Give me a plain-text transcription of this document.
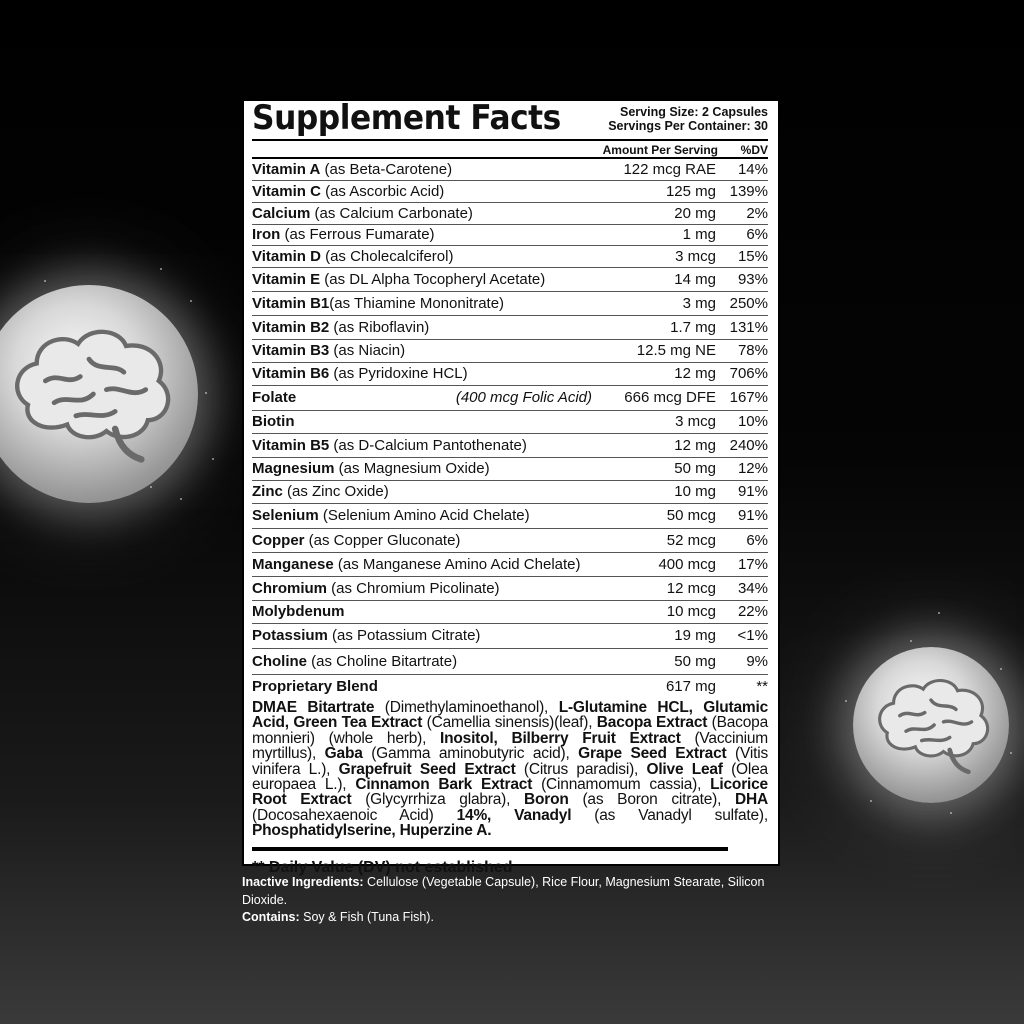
Supplement Facts	Serving Size: 2 Capsules
Servings Per Container: 30
Amount Per Serving %DV
Vitamin A (as Beta-Carotene)	122 mcg RAE 14%
Vitamin C (as Ascorbic Acid)	125 mg 139%
Calcium (as Calcium Carbonate)	20 mg 2%
Iron (as Ferrous Fumarate)	1 mg 6%
Vitamin D (as Cholecalciferol)	3 mcg 15%
Vitamin E (as DL Alpha Tocopheryl Acetate)	14 mg 93%
Vitamin B1(as Thiamine Mononitrate)	3 mg 250%
Vitamin B2 (as Riboflavin)	1.7 mg 131%
Vitamin B3 (as Niacin)	12.5 mg NE 78%
Vitamin B6 (as Pyridoxine HCL)	12 mg 706%
Folate	(400 mcg Folic Acid) 666 mcg DFE 167%
Biotin	3 mcg 10%
Vitamin B5 (as D-Calcium Pantothenate)	12 mg 240%
Magnesium (as Magnesium Oxide)	50 mg 12%
Zinc (as Zinc Oxide)	10 mg 91%
Selenium (Selenium Amino Acid Chelate)	50 mcg 91%
Copper (as Copper Gluconate)	52 mcg 6%
Manganese (as Manganese Amino Acid Chelate)	400 mcg 17%
Chromium (as Chromium Picolinate)	12 mcg 34%
Molybdenum	10 mcg 22%
Potassium (as Potassium Citrate)	19 mg <1%
Choline (as Choline Bitartrate)	50 mg 9%
Proprietary Blend	617 mg	**
DMAE Bitartrate (Dimethylaminoethanol), L-Glutamine HCL, Glutamic Acid, Green Tea Extract (Camellia sinensis)(leaf), Bacopa Extract (Bacopa monnieri) (whole herb), Inositol, Bilberry Fruit Extract (Vaccinium myrtillus), Gaba (Gamma aminobutyric acid), Grape Seed Extract (Vitis vinifera L.), Grapefruit Seed Extract (Citrus paradisi), Olive Leaf (Olea europaea L.), Cinnamon Bark Extract (Cinnamomum cassia), Licorice Root Extract (Glycyrrhiza glabra), Boron (as Boron citrate), DHA (Docosahexaenoic Acid) 14%, Vanadyl (as Vanadyl sulfate), Phosphatidylserine, Huperzine A.
** Daily Value (DV) not established
Inactive Ingredients: Cellulose (Vegetable Capsule), Rice Flour, Magnesium Stearate, Silicon Dioxide.
Contains: Soy & Fish (Tuna Fish).
